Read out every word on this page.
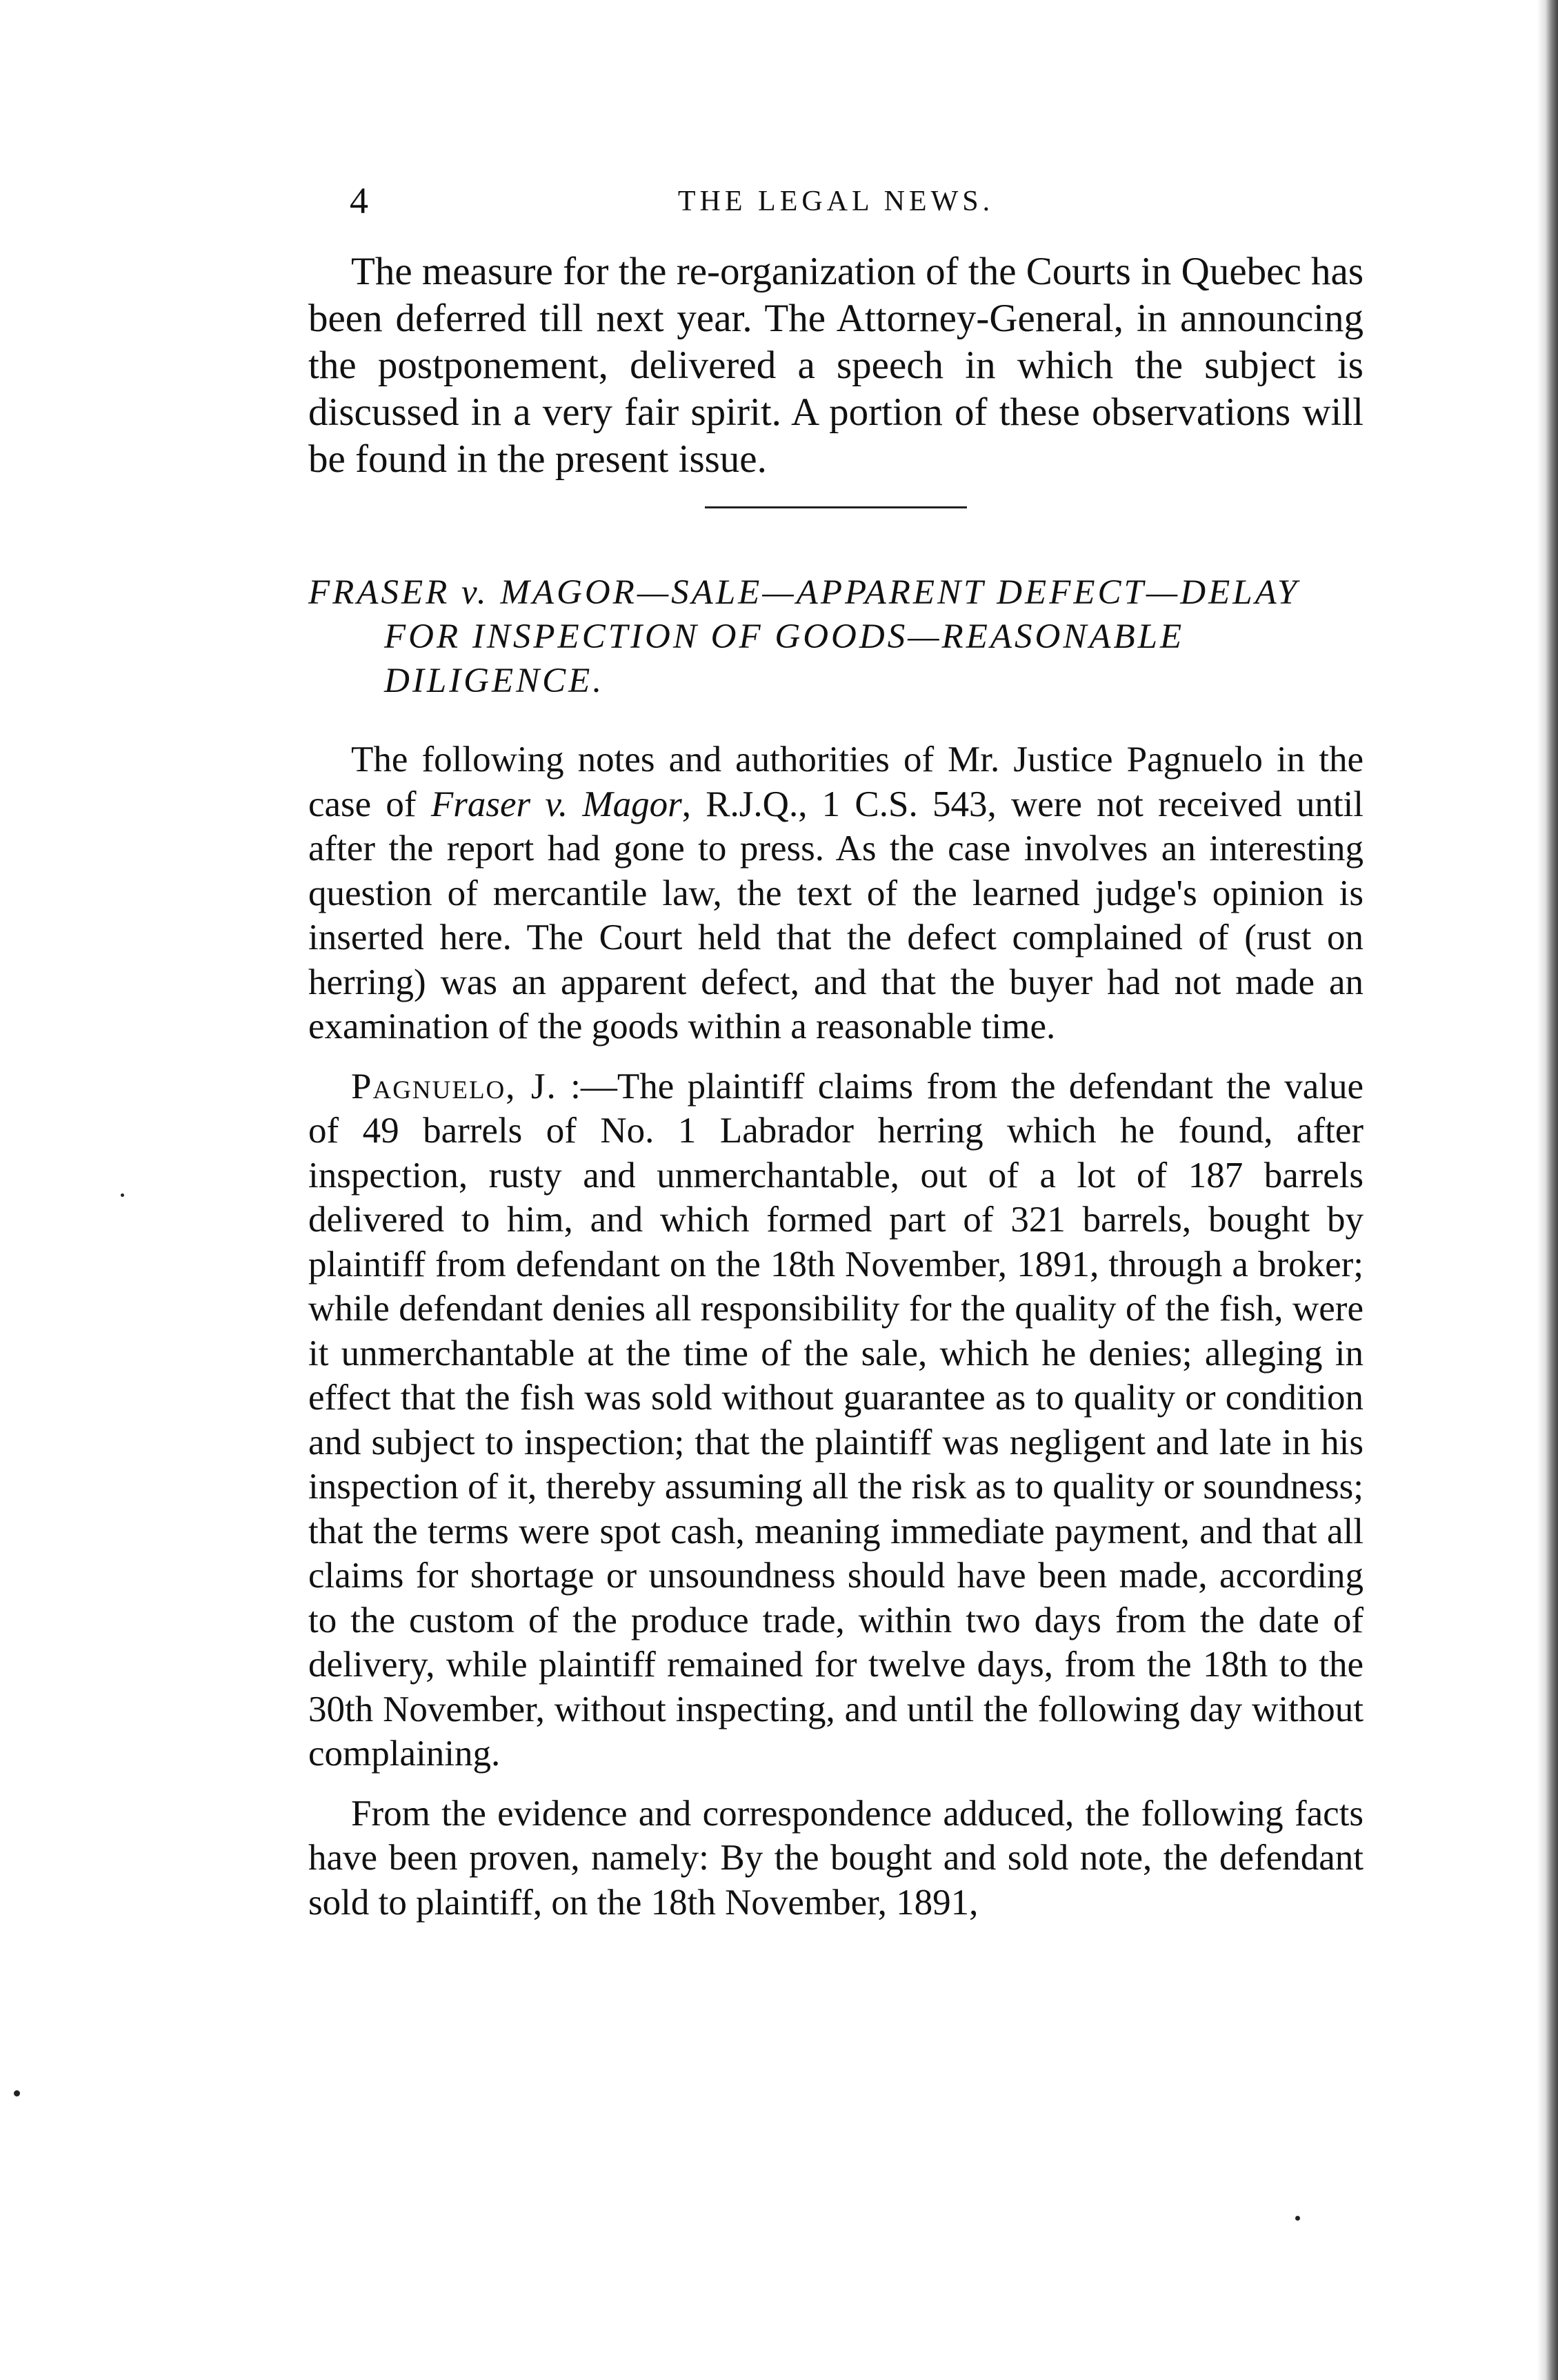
4	THE LEGAL NEWS.

The measure for the re-organization of the Courts in Quebec has been deferred till next year. The Attorney-General, in announcing the postponement, delivered a speech in which the subject is discussed in a very fair spirit. A portion of these observations will be found in the present issue.

FRASER v. MAGOR—SALE—APPARENT DEFECT—DELAY FOR INSPECTION OF GOODS—REASONABLE DILIGENCE.

The following notes and authorities of Mr. Justice Pagnuelo in the case of Fraser v. Magor, R.J.Q., 1 C.S. 543, were not received until after the report had gone to press. As the case involves an interesting question of mercantile law, the text of the learned judge's opinion is inserted here. The Court held that the defect complained of (rust on herring) was an apparent defect, and that the buyer had not made an examination of the goods within a reasonable time.

Pagnuelo, J. :—The plaintiff claims from the defendant the value of 49 barrels of No. 1 Labrador herring which he found, after inspection, rusty and unmerchantable, out of a lot of 187 barrels delivered to him, and which formed part of 321 barrels, bought by plaintiff from defendant on the 18th November, 1891, through a broker; while defendant denies all responsibility for the quality of the fish, were it unmerchantable at the time of the sale, which he denies; alleging in effect that the fish was sold without guarantee as to quality or condition and subject to inspection; that the plaintiff was negligent and late in his inspection of it, thereby assuming all the risk as to quality or soundness; that the terms were spot cash, meaning immediate payment, and that all claims for shortage or unsoundness should have been made, according to the custom of the produce trade, within two days from the date of delivery, while plaintiff remained for twelve days, from the 18th to the 30th November, without inspecting, and until the following day without complaining.

From the evidence and correspondence adduced, the following facts have been proven, namely: By the bought and sold note, the defendant sold to plaintiff, on the 18th November, 1891,
